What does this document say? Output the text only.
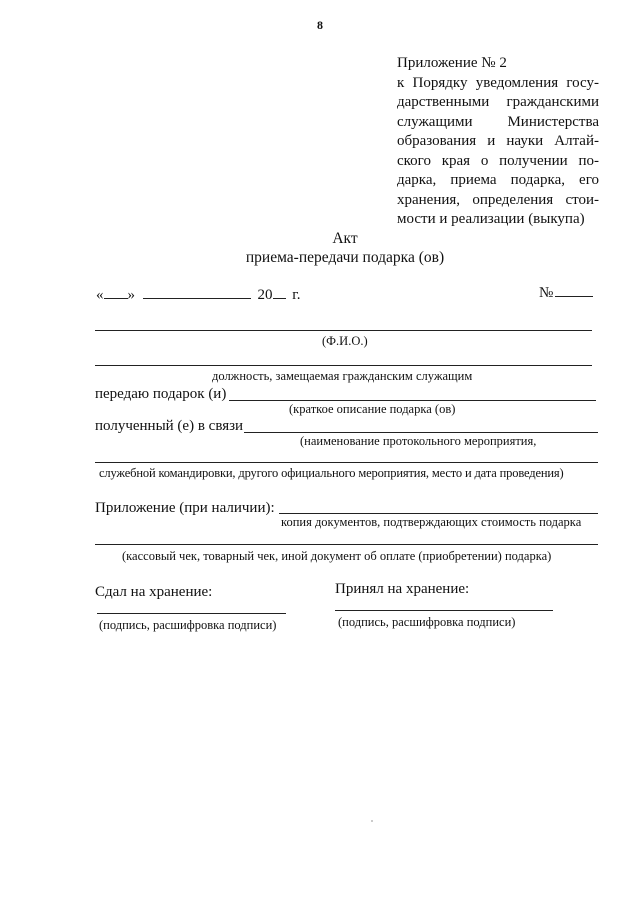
8
Приложение № 2
к Порядку уведомления госу-
дарственными гражданскими
служащими Министерства
образования и науки Алтай-
ского края о получении по-
дарка, приема подарка, его
хранения, определения стои-
мости и реализации (выкупа)
Акт
приема-передачи подарка (ов)
« »	20 г.	№
(Ф.И.О.)
должность, замещаемая гражданским служащим
передаю подарок (и)
(краткое описание подарка (ов)
полученный (е) в связи
(наименование протокольного мероприятия,
служебной командировки, другого официального мероприятия, место и дата проведения)
Приложение (при наличии):
копия документов, подтверждающих стоимость подарка
(кассовый чек, товарный чек, иной документ об оплате (приобретении) подарка)
Сдал на хранение:
(подпись, расшифровка подписи)
Принял на хранение:
(подпись, расшифровка подписи)
